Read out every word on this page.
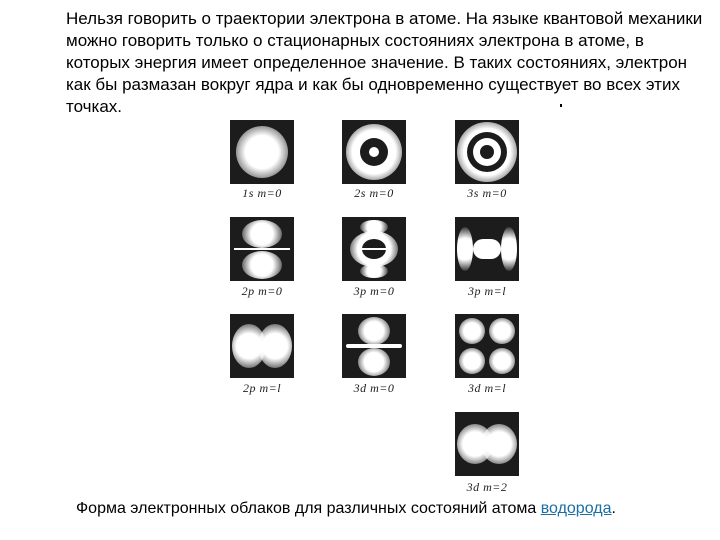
Нельзя говорить о траектории электрона в атоме. На языке квантовой механики можно говорить только о стационарных состояниях электрона в атоме, в которых энергия имеет определенное значение. В таких состояниях, электрон как бы размазан вокруг ядра и как бы одновременно существует во всех этих точках.

1s m=0	2s m=0	3s m=0
2p m=0	3p m=0	3p m=l
2p m=l	3d m=0	3d m=l
3d m=2
Форма электронных облаков для различных состояний атома водорода.
